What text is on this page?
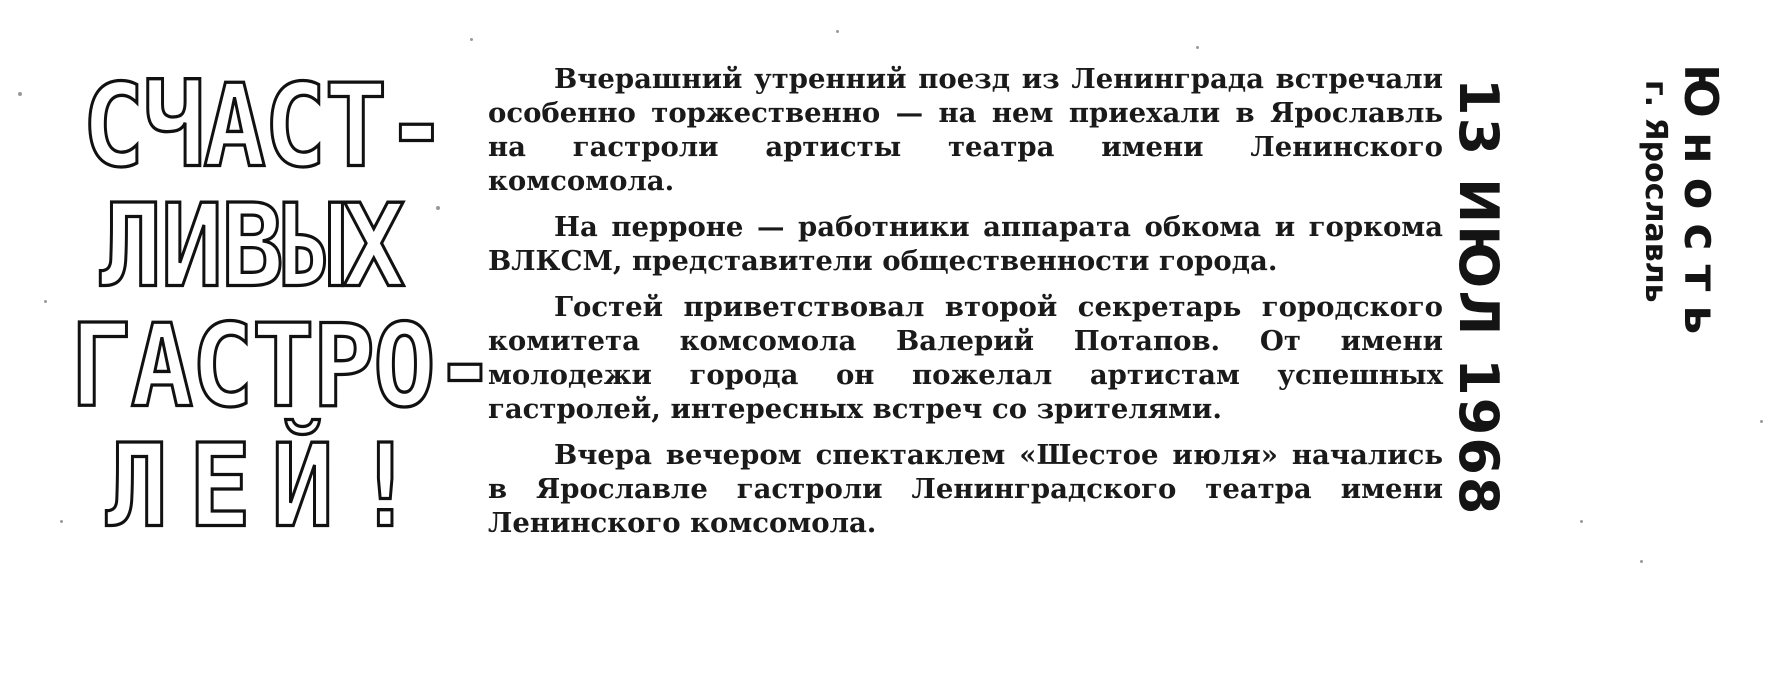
СЧАСТ-
ЛИВЫХ
ГАСТРО-
ЛЕЙ!

Вчерашний утренний поезд из Ленинграда встречали особенно торжественно — на нем приехали в Ярославль на гастроли артисты театра имени Ленинского комсомола.

На перроне — работники аппарата обкома и горкома ВЛКСМ, представители общественности города.

Гостей приветствовал второй секретарь городского комитета комсомола Валерий Потапов. От имени молодежи города он пожелал артистам успешных гастролей, интересных встреч со зрителями.

Вчера вечером спектаклем «Шестое июля» начались в Ярославле гастроли Ленинградского театра имени Ленинского комсомола.

13 ИЮЛ 1968	Юность
г. Ярославль
